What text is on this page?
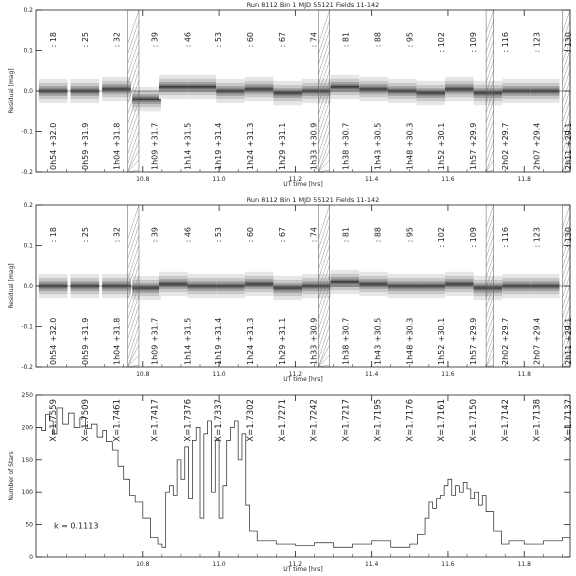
: 18	: 25	: 32	: 39	: 46	: 53	: 60	: 67	: 74	: 81	: 88	: 95	: 102	: 109	: 116	: 123	: 130
0h54 +32.0	0h59 +31.9	1h04 +31.8	1h09 +31.7	1h14 +31.5	1h19 +31.4	1h24 +31.3	1h29 +31.1	1h33 +30.9	1h38 +30.7	1h43 +30.5	1h48 +30.3	1h52 +30.1	1h57 +29.9	2h02 +29.7	2h07 +29.4	2h11 +29.1
10.8	11.0	11.2	11.4	11.6	11.8
-0.2
-0.1
0.0
0.1
0.2
UT time [hrs]
Residual [mag]
Run 8112 Bin 1 MJD 55121 Fields 11-142
: 18	: 25	: 32	: 39	: 46	: 53	: 60	: 67	: 74	: 81	: 88	: 95	: 102	: 109	: 116	: 123	: 130
0h54 +32.0	0h59 +31.9	1h04 +31.8	1h09 +31.7	1h14 +31.5	1h19 +31.4	1h24 +31.3	1h29 +31.1	1h33 +30.9	1h38 +30.7	1h43 +30.5	1h48 +30.3	1h52 +30.1	1h57 +29.9	2h02 +29.7	2h07 +29.4	2h11 +29.1
10.8	11.0	11.2	11.4	11.6	11.8
-0.2
-0.1
0.0
0.1
0.2
UT time [hrs]
Residual [mag]
Run 8112 Bin 1 MJD 55121 Fields 11-142
X=1.7559	X=1.7509	X=1.7461	X=1.7417	X=1.7376 X=1.7337	X=1.7302	X=1.7271	X=1.7242	X=1.7217	X=1.7195	X=1.7176	X=1.7161	X=1.7150	X=1.7142	X=1.7138	X=1.7137
k = 0.1113
10.8	11.0	11.2	11.4	11.6	11.8
0
50
100
150
200
250
UT time [hrs]
Number of Stars
